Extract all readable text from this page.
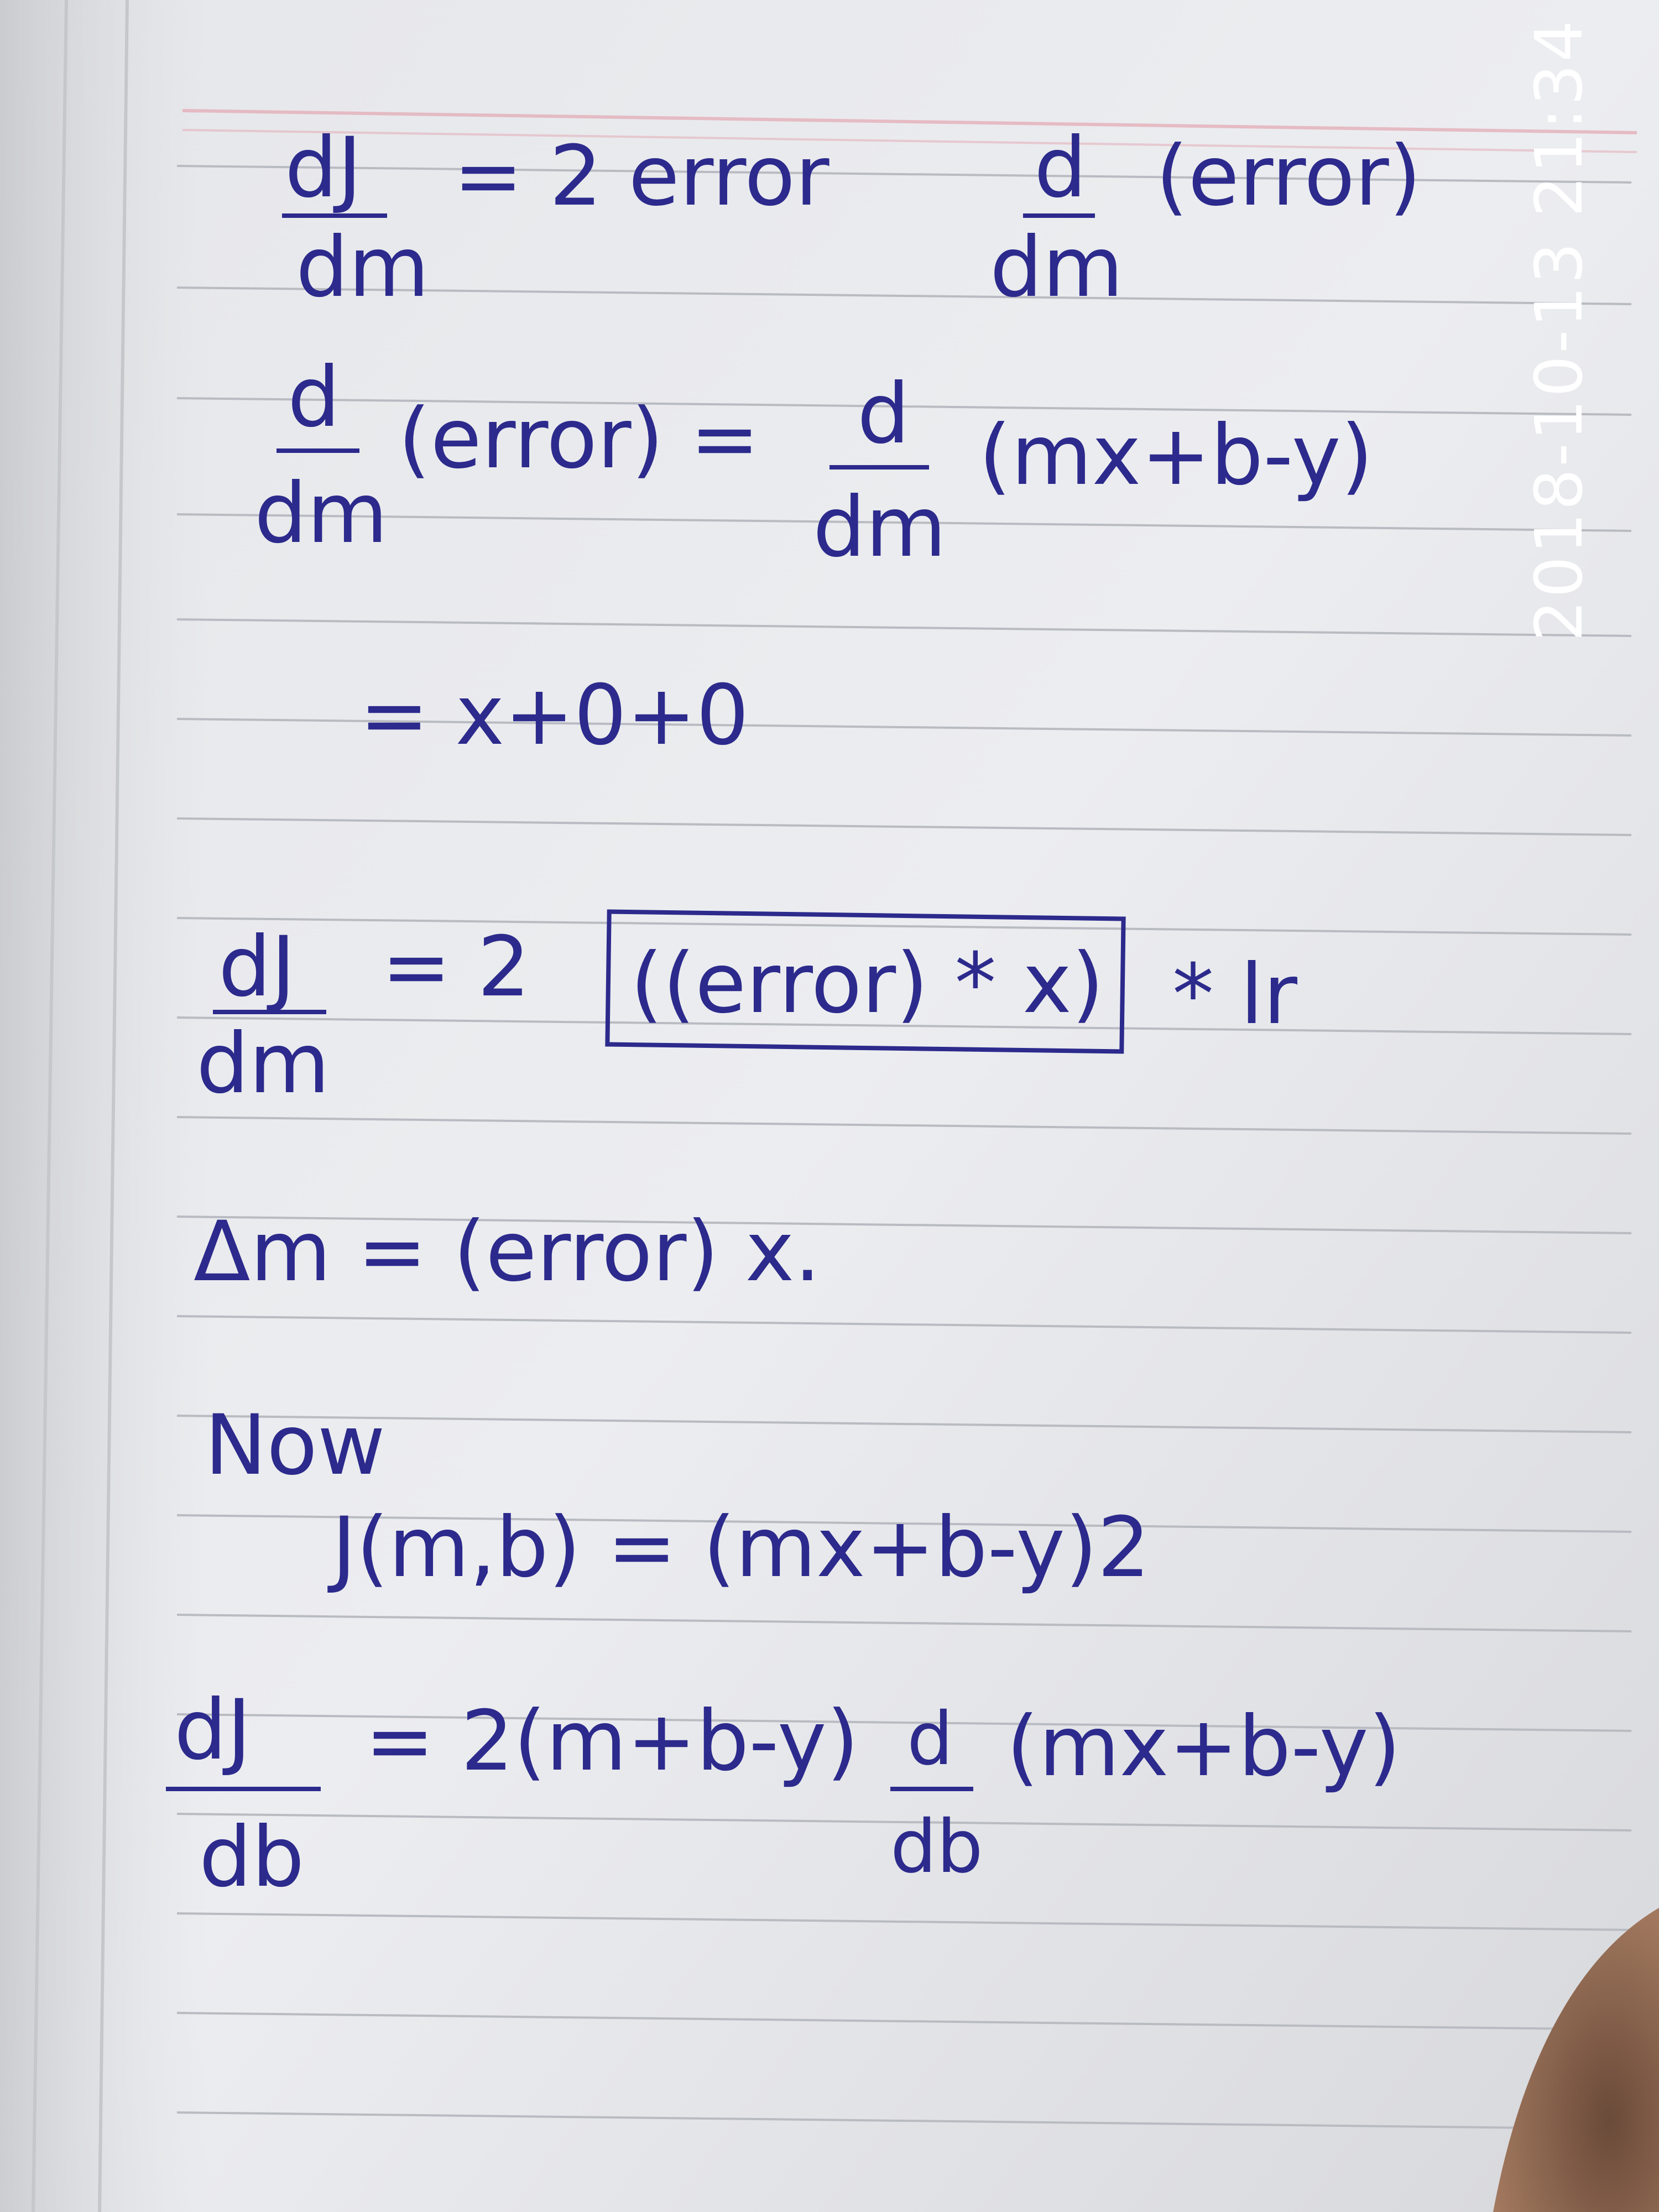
dJ
dm
= 2 error d
dm
(error)
d
dm
(error) = d
dm
(mx+b-y)
= x+0+0
dJ
dm
= 2 ((error) * x) * lr
Δm = (error) x.
Now
J(m,b) = (mx+b-y)2
dJ
db
= 2(m+b-y) d
db
(mx+b-y)
